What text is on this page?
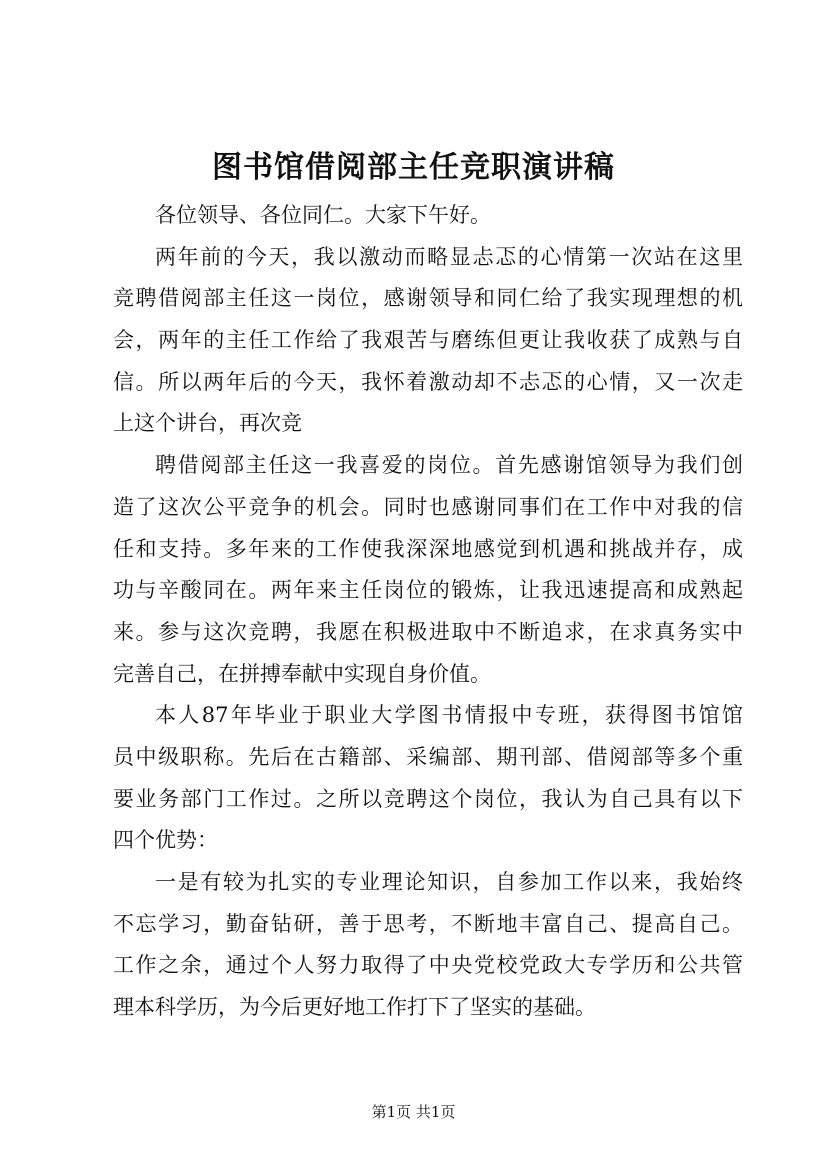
图书馆借阅部主任竞职演讲稿
各位领导、各位同仁。大家下午好。
两年前的今天，我以激动而略显忐忑的心情第一次站在这里
竞聘借阅部主任这一岗位，感谢领导和同仁给了我实现理想的机
会，两年的主任工作给了我艰苦与磨练但更让我收获了成熟与自
信。所以两年后的今天，我怀着激动却不忐忑的心情，又一次走
上这个讲台，再次竞
聘借阅部主任这一我喜爱的岗位。首先感谢馆领导为我们创
造了这次公平竞争的机会。同时也感谢同事们在工作中对我的信
任和支持。多年来的工作使我深深地感觉到机遇和挑战并存，成
功与辛酸同在。两年来主任岗位的锻炼，让我迅速提高和成熟起
来。参与这次竞聘，我愿在积极进取中不断追求，在求真务实中
完善自己，在拼搏奉献中实现自身价值。
本人87年毕业于职业大学图书情报中专班，获得图书馆馆
员中级职称。先后在古籍部、采编部、期刊部、借阅部等多个重
要业务部门工作过。之所以竞聘这个岗位，我认为自己具有以下
四个优势：
一是有较为扎实的专业理论知识，自参加工作以来，我始终
不忘学习，勤奋钻研，善于思考，不断地丰富自己、提高自己。
工作之余，通过个人努力取得了中央党校党政大专学历和公共管
理本科学历，为今后更好地工作打下了坚实的基础。
第1页 共1页
